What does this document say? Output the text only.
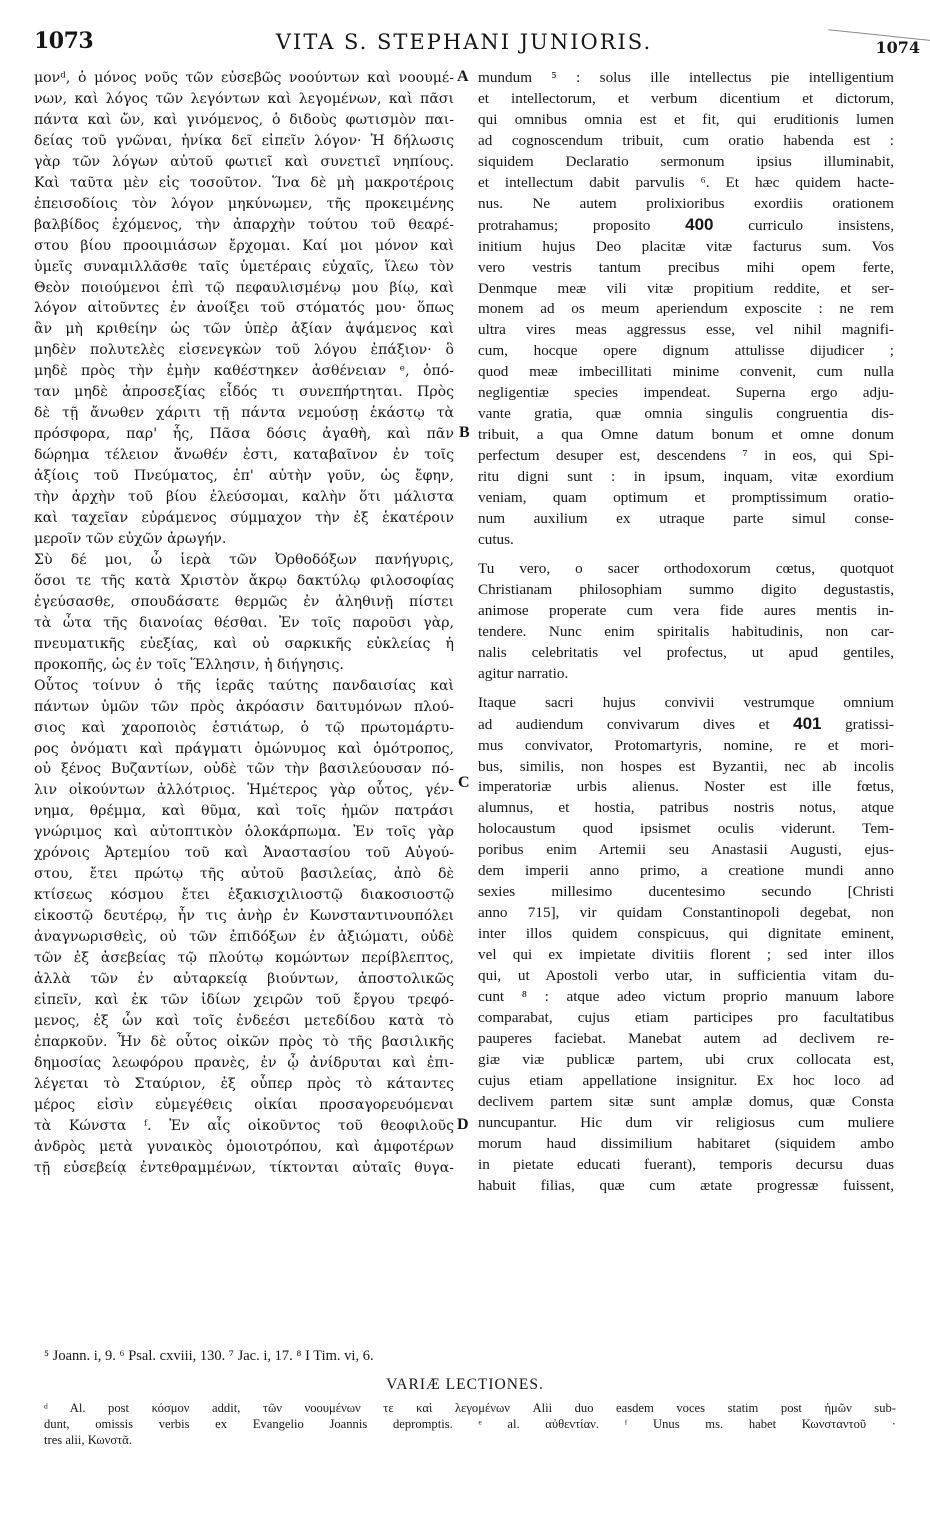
1073	VITA S. STEPHANI JUNIORIS.	1074
μονᵈ, ὁ μόνος νοῦς τῶν εὐσεβῶς νοούντων καὶ νοουμέ-
νων, καὶ λόγος τῶν λεγόντων καὶ λεγομένων, καὶ πᾶσι
πάντα καὶ ὤν, καὶ γινόμενος, ὁ διδοὺς φωτισμὸν παι-
δείας τοῦ γνῶναι, ἡνίκα δεῖ εἰπεῖν λόγον· Ἡ δήλωσις
γὰρ τῶν λόγων αὐτοῦ φωτιεῖ καὶ συνετιεῖ νηπίους.
Καὶ ταῦτα μὲν εἰς τοσοῦτον. Ἵνα δὲ μὴ μακροτέροις
ἐπεισοδίοις τὸν λόγον μηκύνωμεν, τῆς προκειμένης
βαλβίδος ἐχόμενος, τὴν ἀπαρχὴν τούτου τοῦ θεαρέ-
στου βίου προοιμιάσων ἔρχομαι. Καί μοι μόνον καὶ
ὑμεῖς συναμιλλᾶσθε ταῖς ὑμετέραις εὐχαῖς, ἵλεω τὸν
Θεὸν ποιούμενοι ἐπὶ τῷ πεφαυλισμένῳ μου βίῳ, καὶ
λόγον αἰτοῦντες ἐν ἀνοίξει τοῦ στόματός μου· ὅπως
ἂν μὴ κριθείην ὡς τῶν ὑπὲρ ἀξίαν ἀψάμενος καὶ
μηδὲν πολυτελὲς εἰσενεγκὼν τοῦ λόγου ἐπάξιον· ὃ
μηδὲ πρὸς τὴν ἐμὴν καθέστηκεν ἀσθένειαν ᵉ, ὁπό-
ταν μηδὲ ἀπροσεξίας εἶδός τι συνεπήρτηται. Πρὸς
δὲ τῇ ἄνωθεν χάριτι τῇ πάντα νεμούσῃ ἑκάστῳ τὰ
πρόσφορα, παρ' ἧς, Πᾶσα δόσις ἀγαθὴ, καὶ πᾶν
δώρημα τέλειον ἄνωθέν ἐστι, καταβαῖνον ἐν τοῖς
ἀξίοις τοῦ Πνεύματος, ἐπ' αὐτὴν γοῦν, ὡς ἔφην,
τὴν ἀρχὴν τοῦ βίου ἐλεύσομαι, καλὴν ὅτι μάλιστα
καὶ ταχεῖαν εὐράμενος σύμμαχον τὴν ἐξ ἑκατέροιν
μεροῖν τῶν εὐχῶν ἀρωγήν.
Σὺ δέ μοι, ὦ ἱερὰ τῶν Ὀρθοδόξων πανήγυρις,
ὅσοι τε τῆς κατὰ Χριστὸν ἄκρῳ δακτύλῳ φιλοσοφίας
ἐγεύσασθε, σπουδάσατε θερμῶς ἐν ἀληθινῇ πίστει
τὰ ὦτα τῆς διανοίας θέσθαι. Ἐν τοῖς παροῦσι γὰρ,
πνευματικῆς εὐεξίας, καὶ οὐ σαρκικῆς εὐκλείας ἡ
προκοπῆς, ὡς ἐν τοῖς Ἕλλησιν, ἡ διήγησις.
Οὗτος τοίνυν ὁ τῆς ἱερᾶς ταύτης πανδαισίας καὶ
πάντων ὑμῶν τῶν πρὸς ἀκρόασιν δαιτυμόνων πλού-
σιος καὶ χαροποιὸς ἑστιάτωρ, ὁ τῷ πρωτομάρτυ-
ρος ὀνόματι καὶ πράγματι ὁμώνυμος καὶ ὁμότροπος,
οὐ ξένος Βυζαντίων, οὐδὲ τῶν τὴν βασιλεύουσαν πό-
λιν οἰκούντων ἀλλότριος. Ἡμέτερος γὰρ οὗτος, γέν-
νημα, θρέμμα, καὶ θῦμα, καὶ τοῖς ἡμῶν πατράσι
γνώριμος καὶ αὐτοπτικὸν ὁλοκάρπωμα. Ἐν τοῖς γὰρ
χρόνοις Ἀρτεμίου τοῦ καὶ Ἀναστασίου τοῦ Αὐγού-
στου, ἔτει πρώτῳ τῆς αὐτοῦ βασιλείας, ἀπὸ δὲ
κτίσεως κόσμου ἔτει ἑξακισχιλιοστῷ διακοσιοστῷ
εἰκοστῷ δευτέρῳ, ἦν τις ἀνὴρ ἐν Κωνσταντινουπόλει
ἀναγνωρισθεὶς, οὐ τῶν ἐπιδόξων ἐν ἀξιώματι, οὐδὲ
τῶν ἐξ ἀσεβείας τῷ πλούτῳ κομώντων περίβλεπτος,
ἀλλὰ τῶν ἐν αὐταρκείᾳ βιούντων, ἀποστολικῶς
εἰπεῖν, καὶ ἐκ τῶν ἰδίων χειρῶν τοῦ ἔργου τρεφό-
μενος, ἐξ ὧν καὶ τοῖς ἐνδεέσι μετεδίδου κατὰ τὸ
ἐπαρκοῦν. Ἦν δὲ οὗτος οἰκῶν πρὸς τὸ τῆς βασιλικῆς
δημοσίας λεωφόρου πρανὲς, ἐν ᾧ ἀνίδρυται καὶ ἐπι-
λέγεται τὸ Σταύριον, ἐξ οὗπερ πρὸς τὸ κάταντες
μέρος εἰσὶν εὐμεγέθεις οἰκίαι προσαγορευόμεναι
τὰ Κώνστα ᶠ. Ἐν αἷς οἰκοῦντος τοῦ θεοφιλοῦς
ἀνδρὸς μετὰ γυναικὸς ὁμοιοτρόπου, καὶ ἀμφοτέρων
τῇ εὐσεβείᾳ ἐντεθραμμένων, τίκτονται αὐταῖς θυγα-
mundum ⁵ : solus ille intellectus pie intelligentium
et intellectorum, et verbum dicentium et dictorum,
qui omnibus omnia est et fit, qui eruditionis lumen
ad cognoscendum tribuit, cum oratio habenda est :
siquidem Declaratio sermonum ipsius illuminabit,
et intellectum dabit parvulis ⁶. Et hæc quidem hacte-
nus. Ne autem prolixioribus exordiis orationem
protrahamus; proposito 400 curriculo insistens,
initium hujus Deo placitæ vitæ facturus sum. Vos
vero vestris tantum precibus mihi opem ferte,
Denmque meæ vili vitæ propitium reddite, et ser-
monem ad os meum aperiendum exposcite : ne rem
ultra vires meas aggressus esse, vel nihil magnifi-
cum, hocque opere dignum attulisse dijudicer ;
quod meæ imbecillitati minime convenit, cum nulla
negligentiæ species impendeat. Superna ergo adju-
vante gratia, quæ omnia singulis congruentia dis-
tribuit, a qua Omne datum bonum et omne donum
perfectum desuper est, descendens ⁷ in eos, qui Spi-
ritu digni sunt : in ipsum, inquam, vitæ exordium
veniam, quam optimum et promptissimum oratio-
num auxilium ex utraque parte simul conse-
cutus.
Tu vero, o sacer orthodoxorum cœtus, quotquot
Christianam philosophiam summo digito degustastis,
animose properate cum vera fide aures mentis in-
tendere. Nunc enim spiritalis habitudinis, non car-
nalis celebritatis vel profectus, ut apud gentiles,
agitur narratio.
Itaque sacri hujus convivii vestrumque omnium
ad audiendum convivarum dives et 401 gratissi-
mus convivator, Protomartyris, nomine, re et mori-
bus, similis, non hospes est Byzantii, nec ab incolis
imperatoriæ urbis alienus. Noster est ille fœtus,
alumnus, et hostia, patribus nostris notus, atque
holocaustum quod ipsismet oculis viderunt. Tem-
poribus enim Artemii seu Anastasii Augusti, ejus-
dem imperii anno primo, a creatione mundi anno
sexies millesimo ducentesimo secundo [Christi
anno 715], vir quidam Constantinopoli degebat, non
inter illos quidem conspicuus, qui dignitate eminent,
vel qui ex impietate divitiis florent ; sed inter illos
qui, ut Apostoli verbo utar, in sufficientia vitam du-
cunt ⁸ : atque adeo victum proprio manuum labore
comparabat, cujus etiam participes pro facultatibus
pauperes faciebat. Manebat autem ad declivem re-
giæ viæ publicæ partem, ubi crux collocata est,
cujus etiam appellatione insignitur. Ex hoc loco ad
declivem partem sitæ sunt amplæ domus, quæ Consta
nuncupantur. Hic dum vir religiosus cum muliere
morum haud dissimilium habitaret (siquidem ambo
in pietate educati fuerant), temporis decursu duas
habuit filias, quæ cum ætate progressæ fuissent,
A
B
C
D
⁵ Joann. i, 9. ⁶ Psal. cxviii, 130. ⁷ Jac. i, 17. ⁸ I Tim. vi, 6.
VARIÆ LECTIONES.
ᵈ Al. post κόσμον addit, τῶν νοουμένων τε καὶ λεγομένων Alii duo easdem voces statim post ἡμῶν sub-
dunt, omissis verbis ex Evangelio Joannis depromptis. ᵉ al. αὐθεντίαν. ᶠ Unus ms. habet Κωνσταντοῦ ·
tres alii, Κωνστᾶ.
